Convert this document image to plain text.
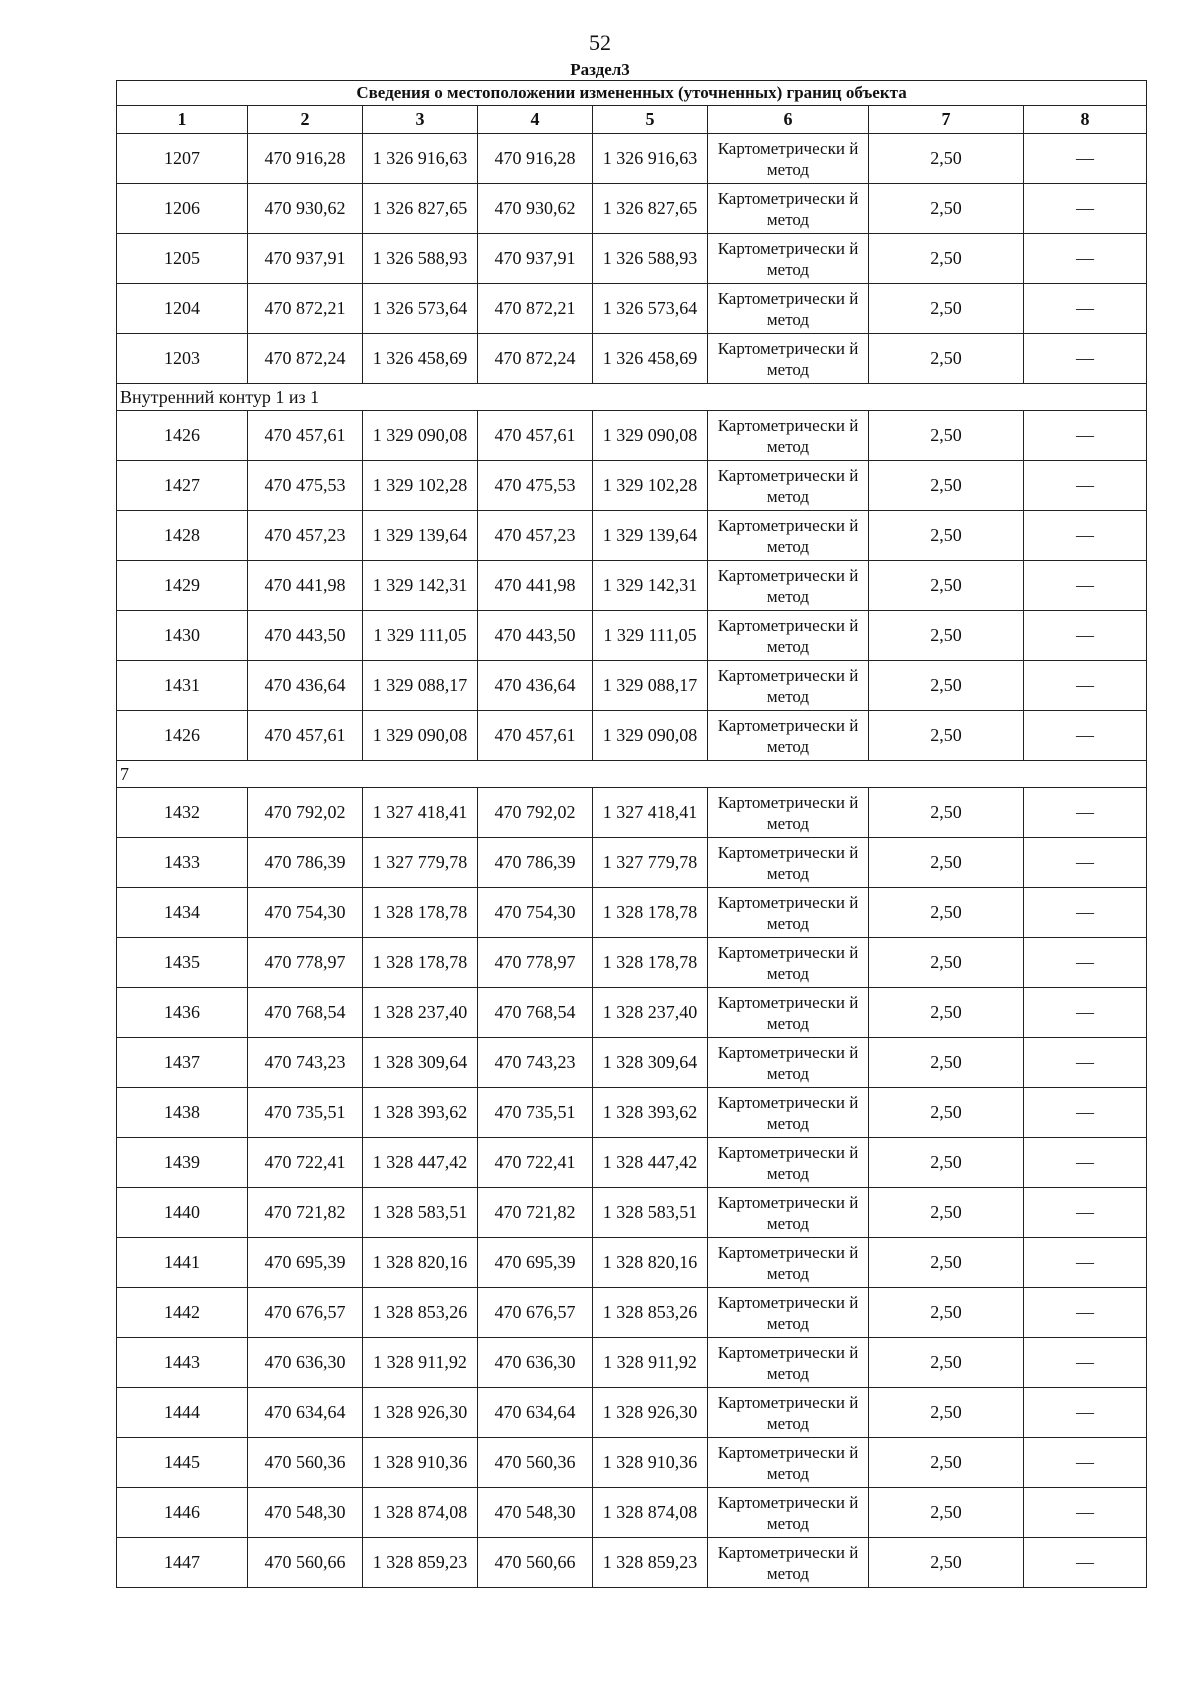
52
Раздел3
Сведения о местоположении измененных (уточненных) границ объекта							
1	2	3	4	5	6	7	8
1207	470 916,28	1 326 916,63	470 916,28	1 326 916,63	Картометрически й метод	2,50	—
1206	470 930,62	1 326 827,65	470 930,62	1 326 827,65	Картометрически й метод	2,50	—
1205	470 937,91	1 326 588,93	470 937,91	1 326 588,93	Картометрически й метод	2,50	—
1204	470 872,21	1 326 573,64	470 872,21	1 326 573,64	Картометрически й метод	2,50	—
1203	470 872,24	1 326 458,69	470 872,24	1 326 458,69	Картометрически й метод	2,50	—
Внутренний контур 1 из 1							
1426	470 457,61	1 329 090,08	470 457,61	1 329 090,08	Картометрически й метод	2,50	—
1427	470 475,53	1 329 102,28	470 475,53	1 329 102,28	Картометрически й метод	2,50	—
1428	470 457,23	1 329 139,64	470 457,23	1 329 139,64	Картометрически й метод	2,50	—
1429	470 441,98	1 329 142,31	470 441,98	1 329 142,31	Картометрически й метод	2,50	—
1430	470 443,50	1 329 111,05	470 443,50	1 329 111,05	Картометрически й метод	2,50	—
1431	470 436,64	1 329 088,17	470 436,64	1 329 088,17	Картометрически й метод	2,50	—
1426	470 457,61	1 329 090,08	470 457,61	1 329 090,08	Картометрически й метод	2,50	—
7							
1432	470 792,02	1 327 418,41	470 792,02	1 327 418,41	Картометрически й метод	2,50	—
1433	470 786,39	1 327 779,78	470 786,39	1 327 779,78	Картометрически й метод	2,50	—
1434	470 754,30	1 328 178,78	470 754,30	1 328 178,78	Картометрически й метод	2,50	—
1435	470 778,97	1 328 178,78	470 778,97	1 328 178,78	Картометрически й метод	2,50	—
1436	470 768,54	1 328 237,40	470 768,54	1 328 237,40	Картометрически й метод	2,50	—
1437	470 743,23	1 328 309,64	470 743,23	1 328 309,64	Картометрически й метод	2,50	—
1438	470 735,51	1 328 393,62	470 735,51	1 328 393,62	Картометрически й метод	2,50	—
1439	470 722,41	1 328 447,42	470 722,41	1 328 447,42	Картометрически й метод	2,50	—
1440	470 721,82	1 328 583,51	470 721,82	1 328 583,51	Картометрически й метод	2,50	—
1441	470 695,39	1 328 820,16	470 695,39	1 328 820,16	Картометрически й метод	2,50	—
1442	470 676,57	1 328 853,26	470 676,57	1 328 853,26	Картометрически й метод	2,50	—
1443	470 636,30	1 328 911,92	470 636,30	1 328 911,92	Картометрически й метод	2,50	—
1444	470 634,64	1 328 926,30	470 634,64	1 328 926,30	Картометрически й метод	2,50	—
1445	470 560,36	1 328 910,36	470 560,36	1 328 910,36	Картометрически й метод	2,50	—
1446	470 548,30	1 328 874,08	470 548,30	1 328 874,08	Картометрически й метод	2,50	—
1447	470 560,66	1 328 859,23	470 560,66	1 328 859,23	Картометрически й метод	2,50	—
